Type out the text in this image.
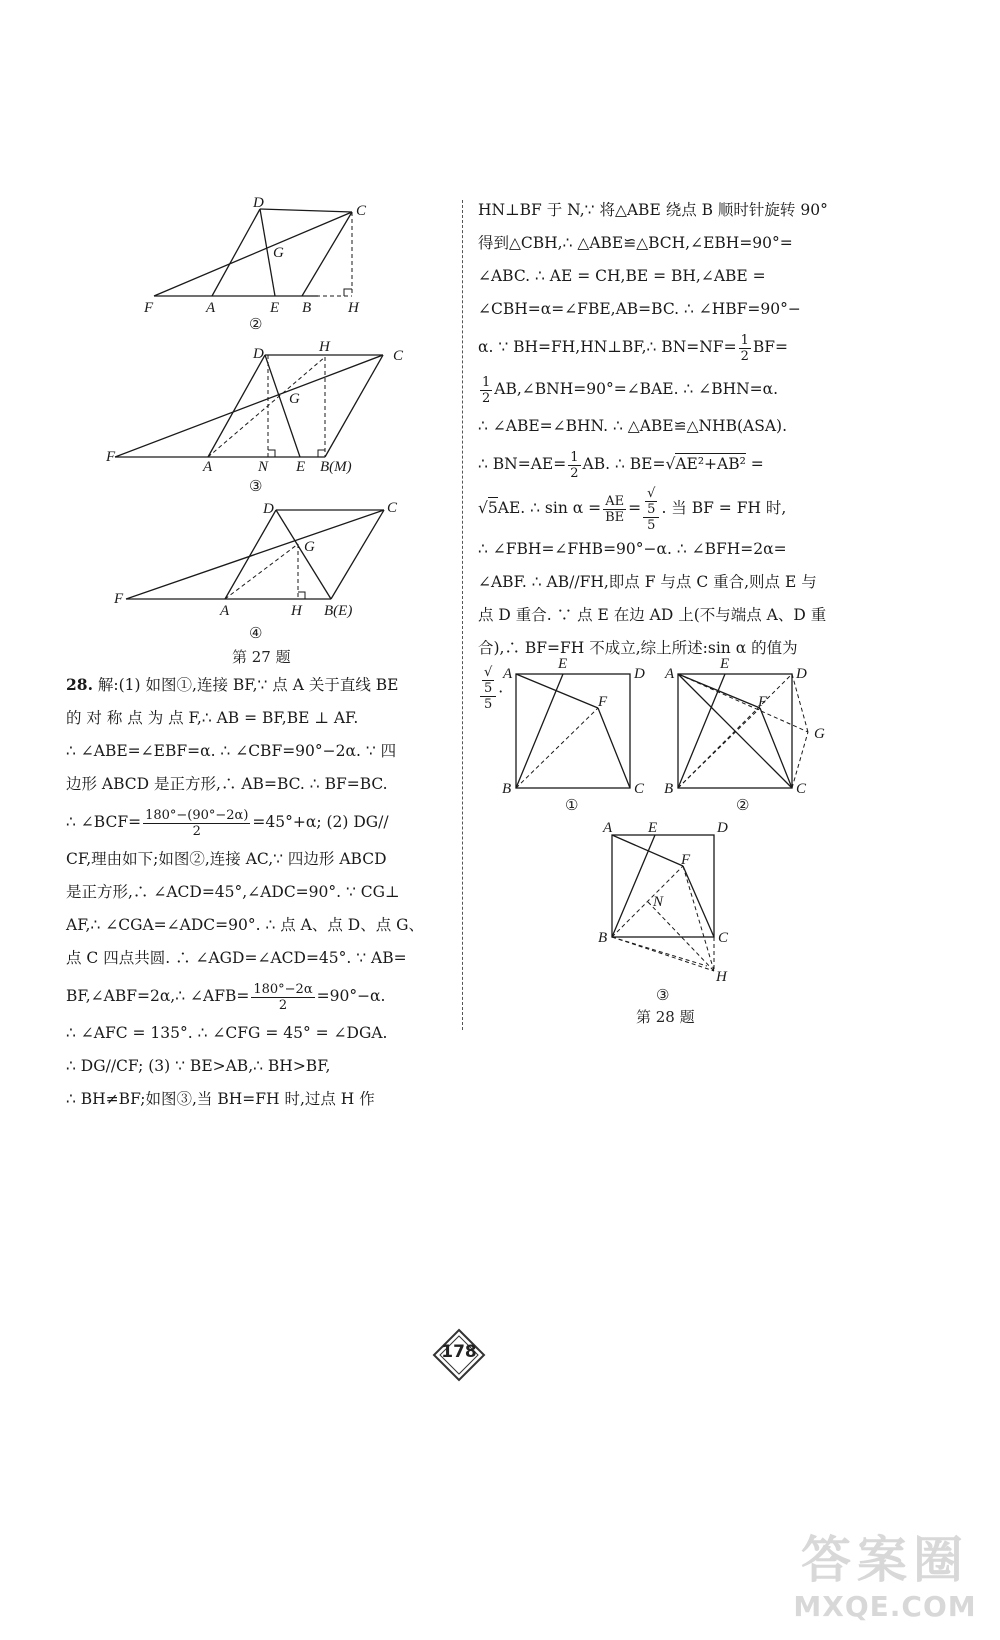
D	C
G
F	A	E B H
②
D	H
C
G
F
A	N E B(M)
③
D	C
G
F
A	H B(E)
④
第 27 题

28. 解:(1) 如图①,连接 BF,∵ 点 A 关于直线 BE

的 对 称 点 为 点 F,∴ AB = BF,BE ⊥ AF.

∴ ∠ABE=∠EBF=α. ∴ ∠CBF=90°−2α. ∵ 四

边形 ABCD 是正方形,∴ AB=BC. ∴ BF=BC.

∴ ∠BCF= $\frac{180^\circ-(90^\circ-2\alpha)}{2} =45^\circ+\alpha$; (2) DG//

CF,理由如下;如图②,连接 AC,∵ 四边形 ABCD

是正方形,∴ ∠ACD=45°,∠ADC=90°. ∵ CG⊥

AF,∴ ∠CGA=∠ADC=90°. ∴ 点 A、点 D、点 G、

点 C 四点共圆. ∴ ∠AGD=∠ACD=45°. ∵ AB=

BF,∠ABF=2α,∴ ∠AFB= $\frac{180^\circ-2\alpha}{2} =90^\circ-\alpha$.

∴ ∠AFC = 135°. ∴ ∠CFG = 45° = ∠DGA.

∴ DG//CF; (3) ∵ BE>AB,∴ BH>BF,

∴ BH≠BF;如图③,当 BH=FH 时,过点 H 作

HN⊥BF 于 N,∵ 将△ABE 绕点 B 顺时针旋转 90°

得到△CBH,∴ △ABE≌△BCH,∠EBH=90°=

∠ABC. ∴ AE = CH,BE = BH,∠ABE =

∠CBH=α=∠FBE,AB=BC. ∴ ∠HBF=90°−

α. ∵ BH=FH,HN⊥BF,∴ $BN=NF= \frac{1}{2} BF=$

$\frac{1}{2}$ AB,∠BNH=90°=∠BAE. ∴ ∠BHN=α.

∴ ∠ABE=∠BHN. ∴ △ABE≌△NHB(ASA).

∴ $BN=AE= \frac{1}{2}$ AB. ∴ BE=√AE²+AB² =

√5AE. ∴ $\sin \alpha = \frac{AE}{BE}$ = √
5
5 . 当 BF = FH 时,

∴ ∠FBH=∠FHB=90°−α. ∴ ∠BFH=2α=

∠ABF. ∴ AB//FH,即点 F 与点 C 重合,则点 E 与

点 D 重合. ∵ 点 E 在边 AD 上(不与端点 A、D 重

合),∴ BF=FH 不成立,综上所述:sin α 的值为

√
5
5 .

A
E
D
F
B	C
①
A
E
D
F
G
B	C
②
A E	D
F
N
B	C
H
③
第 28 题
178
答案圈
MXQE.COM
